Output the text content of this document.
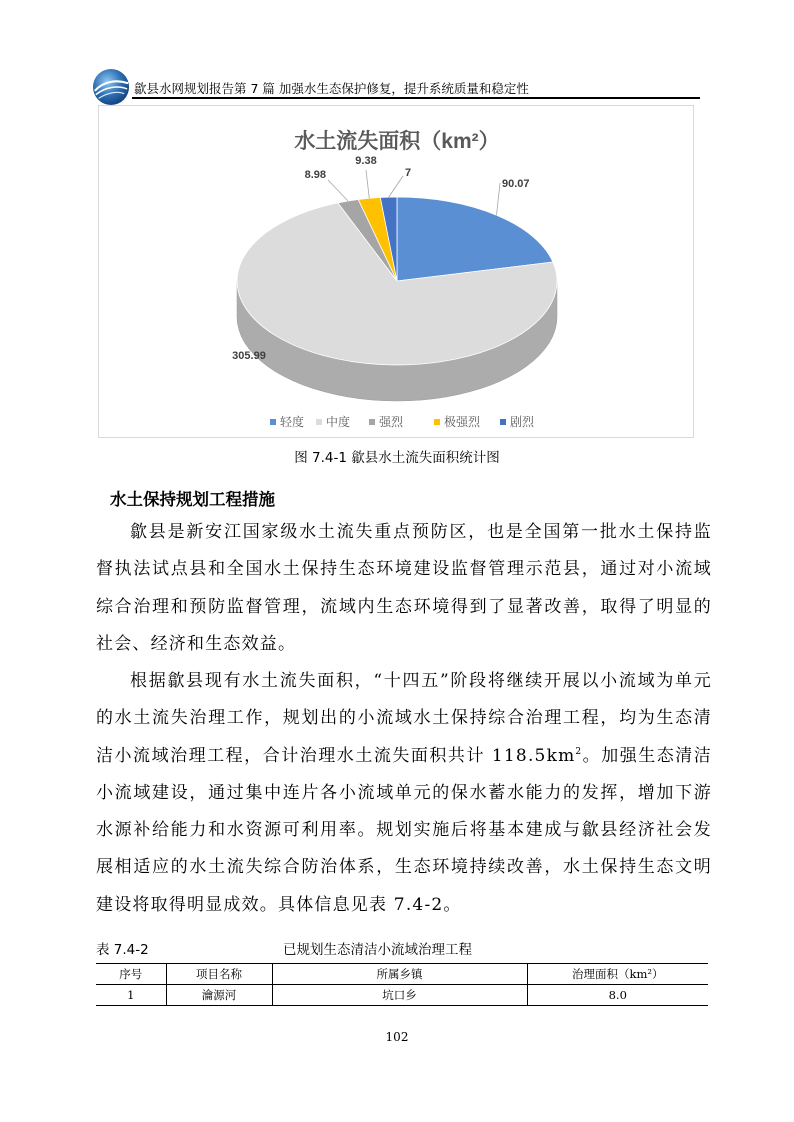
歙县水网规划报告第 7 篇 加强水生态保护修复，提升系统质量和稳定性
水土流失面积（km²）
90.07
305.99
8.98
9.38
7
轻度 中度 强烈	极强烈 剧烈
图 7.4-1 歙县水土流失面积统计图
水土保持规划工程措施

歙县是新安江国家级水土流失重点预防区，也是全国第一批水土保持监督执法试点县和全国水土保持生态环境建设监督管理示范县，通过对小流域综合治理和预防监督管理，流域内生态环境得到了显著改善，取得了明显的社会、经济和生态效益。

根据歙县现有水土流失面积，“十四五”阶段将继续开展以小流域为单元的水土流失治理工作，规划出的小流域水土保持综合治理工程，均为生态清洁小流域治理工程，合计治理水土流失面积共计 $118.5km^2$。加强生态清洁小流域建设，通过集中连片各小流域单元的保水蓄水能力的发挥，增加下游水源补给能力和水资源可利用率。规划实施后将基本建成与歙县经济社会发展相适应的水土流失综合防治体系，生态环境持续改善，水土保持生态文明建设将取得明显成效。具体信息见表 7.4-2。

表 7.4-2	已规划生态清洁小流域治理工程
序号	项目名称	所属乡镇	治理面积（km²）
1	瀹源河	坑口乡	8.0
102
